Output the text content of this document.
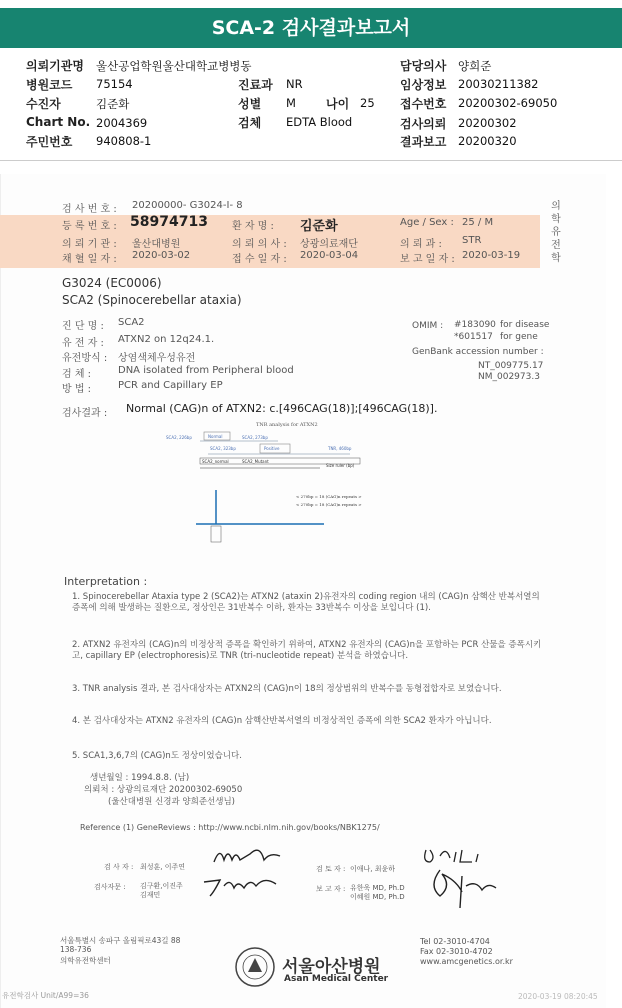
SCA-2 검사결과보고서
의뢰기관명 울산공업학원울산대학교병병동
병원코드 75154
수진자	김준화
Chart No. 2004369
주민번호 940808-1
진료과 NR
성별 M	나이 25
검체 EDTA Blood
담당의사 양희준
임상정보 20030211382
접수번호 20200302-69050
검사의뢰 20200302
결과보고 20200320
검 사 번 호 : 20200000- G3024-I- 8
등 록 번 호 : 58974713 환 자 명 : 김준화	Age / Sex : 25 / M
의 뢰 기 관 : 울산대병원	의 뢰 의 사 : 상광의료재단	의 뢰 과 : STR
채 혈 일 자 : 2020-03-02	접 수 일 자 : 2020-03-04	보 고 일 자 : 2020-03-19
의학유전학
G3024 (EC0006)
SCA2 (Spinocerebellar ataxia)
진 단 명 : SCA2
유 전 자 : ATXN2 on 12q24.1.
유전방식 : 상염색체우성유전
검 체 :	DNA isolated from Peripheral blood
방 법 :	PCR and Capillary EP
OMIM : #183090 for disease
*601517 for gene
GenBank accession number :
NT_009775.17
NM_002973.3
검사결과 : Normal (CAG)n of ATXN2: c.[496CAG(18)];[496CAG(18)].
TNR analysis for ATXN2
SCA2, 226bp	Normal	SCA2, 273bp
SCA2, 323bp	Positive	TNR, 460bp
SCA2_normal	SCA2_Mutant
Size ruler (bp)
< 270bp = 18 (CAG)n repeats >
< 270bp = 18 (CAG)n repeats >
Interpretation :
1. Spinocerebellar Ataxia type 2 (SCA2)는 ATXN2 (ataxin 2)유전자의 coding region 내의 (CAG)n 삼핵산 반복서열의 증폭에 의해 발생하는 질환으로, 정상인은 31반복수 이하, 환자는 33반복수 이상을 보입니다 (1).
2. ATXN2 유전자의 (CAG)n의 비정상적 증폭을 확인하기 위하여, ATXN2 유전자의 (CAG)n을 포함하는 PCR 산물을 증폭시키고, capillary EP (electrophoresis)로 TNR (tri-nucleotide repeat) 분석을 하였습니다.
3. TNR analysis 결과, 본 검사대상자는 ATXN2의 (CAG)n이 18의 정상범위의 반복수를 동형접합자로 보였습니다.
4. 본 검사대상자는 ATXN2 유전자의 (CAG)n 삼핵산반복서열의 비정상적인 증폭에 의한 SCA2 환자가 아닙니다.
5. SCA1,3,6,7의 (CAG)n도 정상이었습니다.
생년월일 : 1994.8.8. (남)
의뢰처 : 상광의료재단 20200302-69050
(울산대병원 신경과 양희준선생님)
Reference (1) GeneReviews : http://www.ncbi.nlm.nih.gov/books/NBK1275/
검 사 자 : 최성훈, 이주연	검 토 자 : 이애나, 최윤하
검사자문 : 김구환,이진주
김재민
보 고 자 : 유한욱 MD, Ph.D
이혜원 MD, Ph.D
서울특별시 송파구 올림픽로43길 88
138-736
의학유전학센터	서울아산병원
Asan Medical Center
Tel 02-3010-4704
Fax 02-3010-4702
www.amcgenetics.or.kr
유전학검사 Unit/A99=36	2020-03-19 08:20:45
